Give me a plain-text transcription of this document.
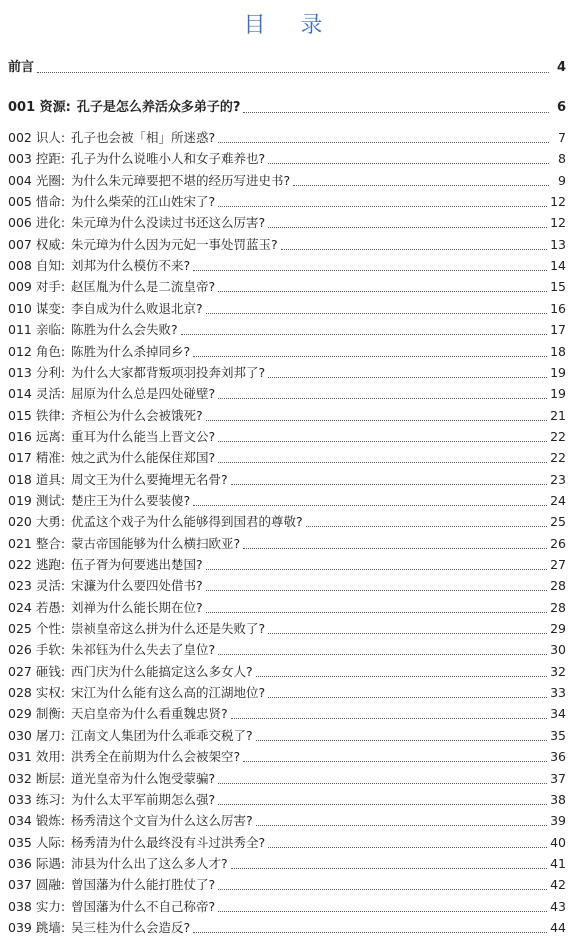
目 录
前言	4
001 资源: 孔子是怎么养活众多弟子的?	6
002 识人: 孔子也会被「相」所迷惑?	7
003 控距: 孔子为什么说唯小人和女子难养也?	8
004 光圈: 为什么朱元璋要把不堪的经历写进史书?	9
005 惜命: 为什么柴荣的江山姓宋了?	12
006 进化: 朱元璋为什么没读过书还这么厉害?	12
007 权威: 朱元璋为什么因为元妃一事处罚蓝玉?	13
008 自知: 刘邦为什么模仿不来?	14
009 对手: 赵匡胤为什么是二流皇帝?	15
010 谋变: 李自成为什么败退北京?	16
011 亲临: 陈胜为什么会失败?	17
012 角色: 陈胜为什么杀掉同乡?	18
013 分利: 为什么大家都背叛项羽投奔刘邦了?	19
014 灵活: 屈原为什么总是四处碰壁?	19
015 铁律: 齐桓公为什么会被饿死?	21
016 远离: 重耳为什么能当上晋文公?	22
017 精准: 烛之武为什么能保住郑国?	22
018 道具: 周文王为什么要掩埋无名骨?	23
019 测试: 楚庄王为什么要装傻?	24
020 大勇: 优孟这个戏子为什么能够得到国君的尊敬?	25
021 整合: 蒙古帝国能够为什么横扫欧亚?	26
022 逃跑: 伍子胥为何要逃出楚国?	27
023 灵活: 宋濂为什么要四处借书?	28
024 若愚: 刘禅为什么能长期在位?	28
025 个性: 崇祯皇帝这么拼为什么还是失败了?	29
026 手软: 朱祁钰为什么失去了皇位?	30
027 砸钱: 西门庆为什么能搞定这么多女人?	32
028 实权: 宋江为什么能有这么高的江湖地位?	33
029 制衡: 天启皇帝为什么看重魏忠贤?	34
030 屠刀: 江南文人集团为什么乖乖交税了?	35
031 效用: 洪秀全在前期为什么会被架空?	36
032 断层: 道光皇帝为什么饱受蒙骗?	37
033 练习: 为什么太平军前期怎么强?	38
034 锻炼: 杨秀清这个文盲为什么这么厉害?	39
035 人际: 杨秀清为什么最终没有斗过洪秀全?	40
036 际遇: 沛县为什么出了这么多人才?	41
037 圆融: 曾国藩为什么能打胜仗了?	42
038 实力: 曾国藩为什么不自己称帝?	43
039 跳墙: 吴三桂为什么会造反?	44
